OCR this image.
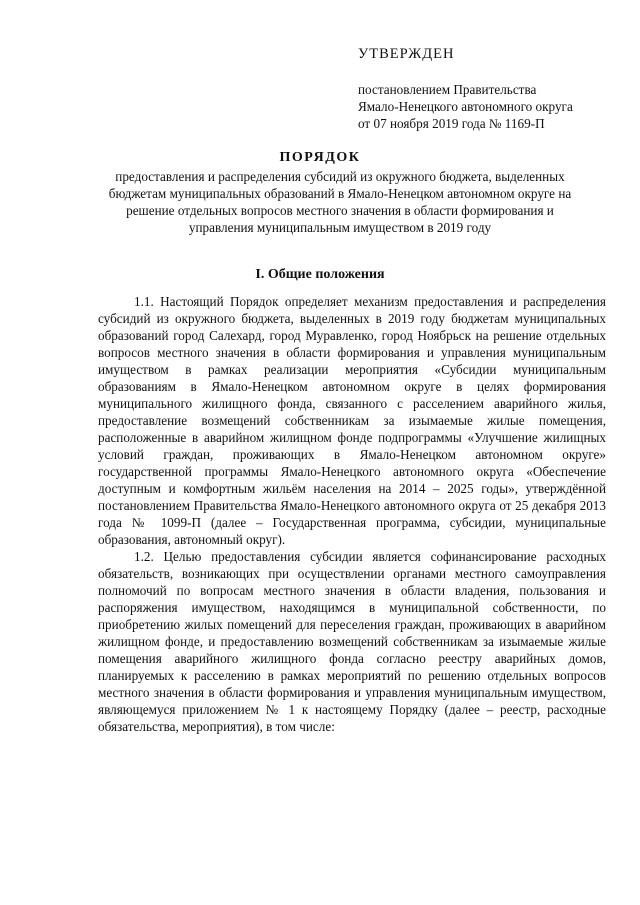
УТВЕРЖДЕН
постановлением Правительства
Ямало-Ненецкого автономного округа
от 07 ноября 2019 года № 1169-П
ПОРЯДОК
предоставления и распределения субсидий из окружного бюджета, выделенных бюджетам муниципальных образований в Ямало-Ненецком автономном округе на решение отдельных вопросов местного значения в области формирования и управления муниципальным имуществом в 2019 году
I. Общие положения

1.1. Настоящий Порядок определяет механизм предоставления и распределения субсидий из окружного бюджета, выделенных в 2019 году бюджетам муниципальных образований город Салехард, город Муравленко, город Ноябрьск на решение отдельных вопросов местного значения в области формирования и управления муниципальным имуществом в рамках реализации мероприятия «Субсидии муниципальным образованиям в Ямало-Ненецком автономном округе в целях формирования муниципального жилищного фонда, связанного с расселением аварийного жилья, предоставление возмещений собственникам за изымаемые жилые помещения, расположенные в аварийном жилищном фонде подпрограммы «Улучшение жилищных условий граждан, проживающих в Ямало-Ненецком автономном округе» государственной программы Ямало-Ненецкого автономного округа «Обеспечение доступным и комфортным жильём населения на 2014 – 2025 годы», утверждённой постановлением Правительства Ямало-Ненецкого автономного округа от 25 декабря 2013 года № 1099-П (далее – Государственная программа, субсидии, муниципальные образования, автономный округ).

1.2. Целью предоставления субсидии является софинансирование расходных обязательств, возникающих при осуществлении органами местного самоуправления полномочий по вопросам местного значения в области владения, пользования и распоряжения имуществом, находящимся в муниципальной собственности, по приобретению жилых помещений для переселения граждан, проживающих в аварийном жилищном фонде, и предоставлению возмещений собственникам за изымаемые жилые помещения аварийного жилищного фонда согласно реестру аварийных домов, планируемых к расселению в рамках мероприятий по решению отдельных вопросов местного значения в области формирования и управления муниципальным имуществом, являющемуся приложением № 1 к настоящему Порядку (далее – реестр, расходные обязательства, мероприятия), в том числе:
